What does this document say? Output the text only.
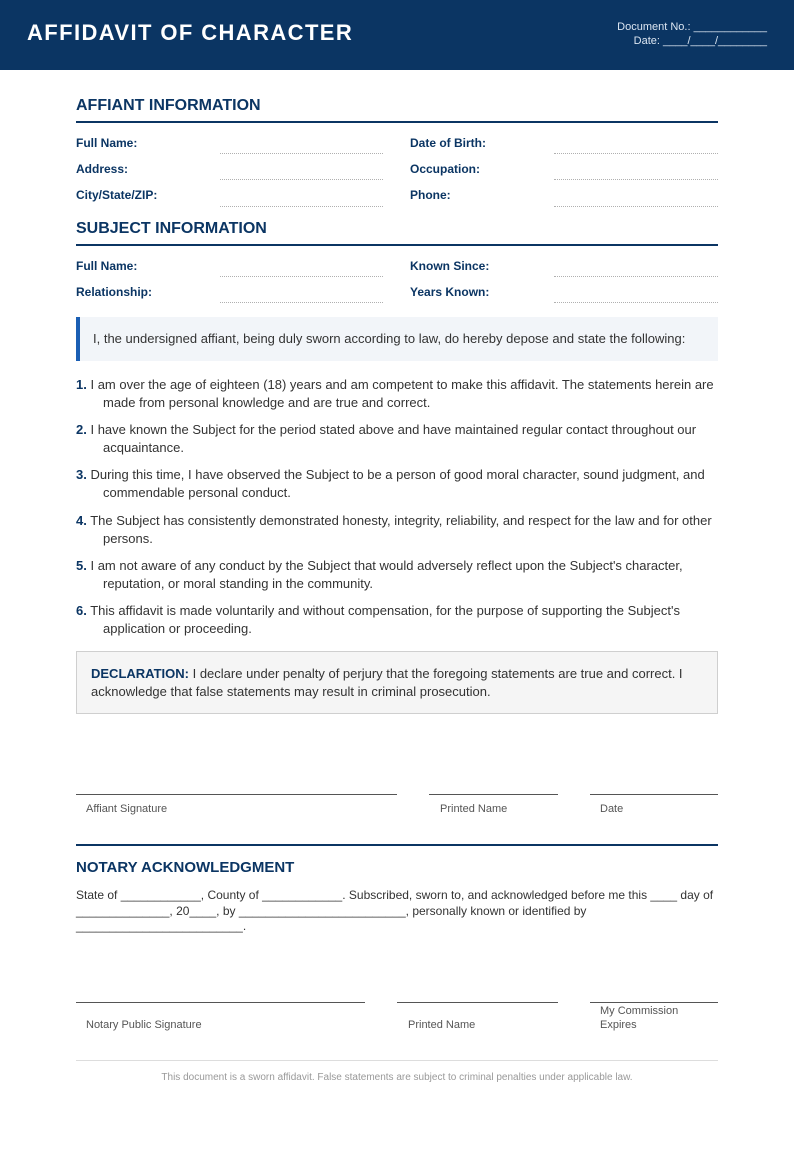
AFFIDAVIT OF CHARACTER	Document No.: ____________
Date: ____/____/________
AFFIANT INFORMATION
Full Name:	Date of Birth:
Address:	Occupation:
City/State/ZIP:	Phone:
SUBJECT INFORMATION
Full Name:	Known Since:
Relationship:	Years Known:
I, the undersigned affiant, being duly sworn according to law, do hereby depose and state the following:
1. I am over the age of eighteen (18) years and am competent to make this affidavit. The statements herein are made from personal knowledge and are true and correct.
2. I have known the Subject for the period stated above and have maintained regular contact throughout our acquaintance.
3. During this time, I have observed the Subject to be a person of good moral character, sound judgment, and commendable personal conduct.
4. The Subject has consistently demonstrated honesty, integrity, reliability, and respect for the law and for other persons.
5. I am not aware of any conduct by the Subject that would adversely reflect upon the Subject's character, reputation, or moral standing in the community.
6. This affidavit is made voluntarily and without compensation, for the purpose of supporting the Subject's application or proceeding.
DECLARATION: I declare under penalty of perjury that the foregoing statements are true and correct. I acknowledge that false statements may result in criminal prosecution.
Affiant Signature	Printed Name	Date
NOTARY ACKNOWLEDGMENT
State of ____________, County of ____________. Subscribed, sworn to, and acknowledged before me this ____ day of ______________, 20____, by _________________________, personally known or identified by _________________________.
Notary Public Signature	Printed Name
My Commission Expires
This document is a sworn affidavit. False statements are subject to criminal penalties under applicable law.
